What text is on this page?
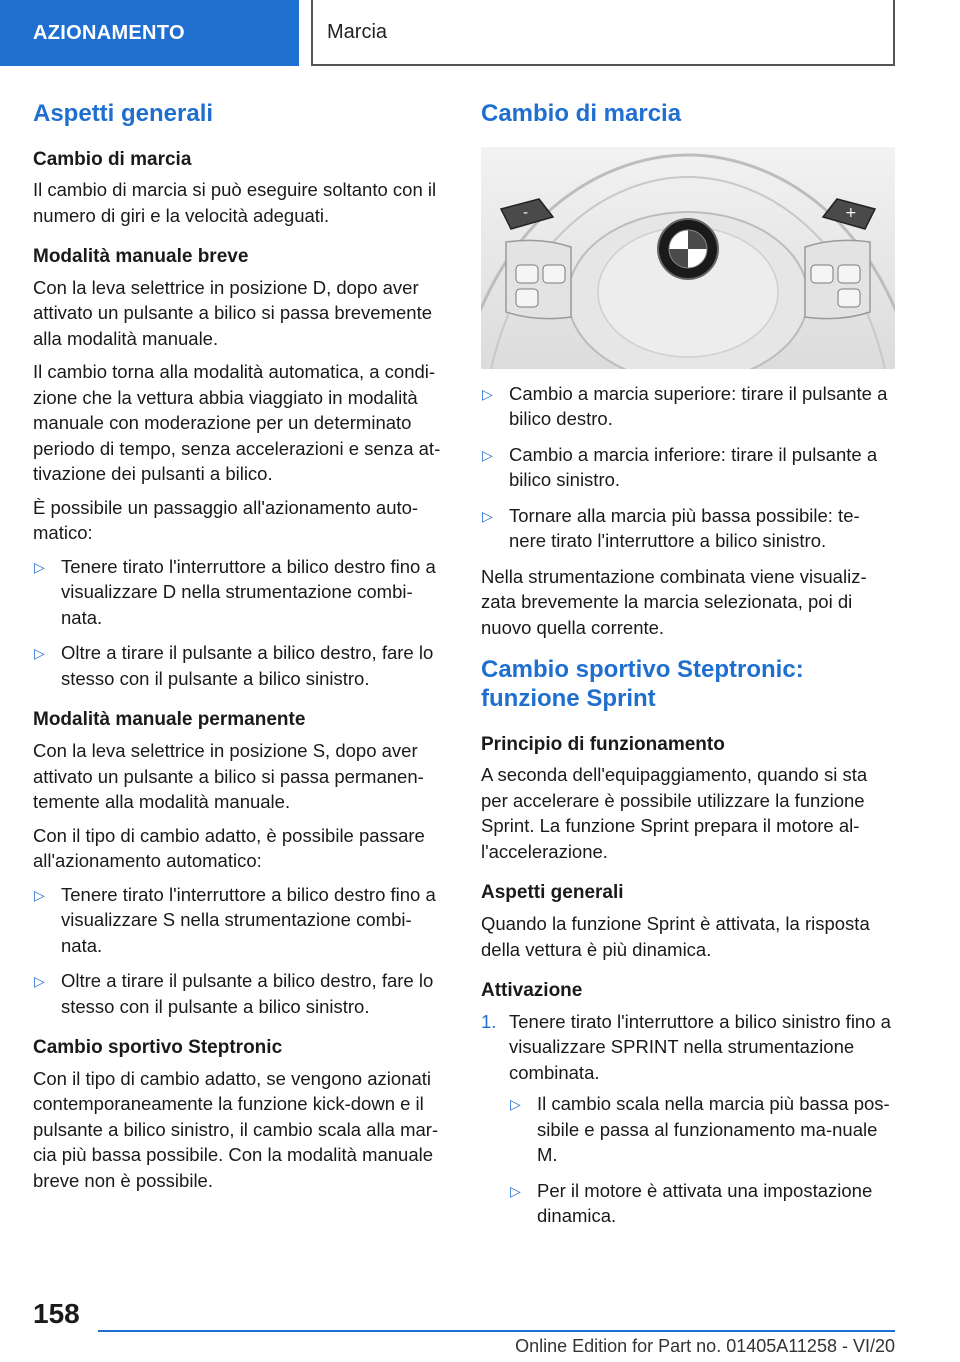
AZIONAMENTO	Marcia
Aspetti generali
Cambio di marcia

Il cambio di marcia si può eseguire soltanto con il numero di giri e la velocità adeguati.

Modalità manuale breve

Con la leva selettrice in posizione D, dopo aver attivato un pulsante a bilico si passa brevemente alla modalità manuale.

Il cambio torna alla modalità automatica, a condi-zione che la vettura abbia viaggiato in modalità manuale con moderazione per un determinato periodo di tempo, senza accelerazioni e senza at-tivazione dei pulsanti a bilico.

È possibile un passaggio all'azionamento auto-matico:

▷ Tenere tirato l'interruttore a bilico destro fino a visualizzare D nella strumentazione combi-nata.
▷ Oltre a tirare il pulsante a bilico destro, fare lo stesso con il pulsante a bilico sinistro.
Modalità manuale permanente

Con la leva selettrice in posizione S, dopo aver attivato un pulsante a bilico si passa permanen-temente alla modalità manuale.

Con il tipo di cambio adatto, è possibile passare all'azionamento automatico:

▷ Tenere tirato l'interruttore a bilico destro fino a visualizzare S nella strumentazione combi-nata.
▷ Oltre a tirare il pulsante a bilico destro, fare lo stesso con il pulsante a bilico sinistro.
Cambio sportivo Steptronic

Con il tipo di cambio adatto, se vengono azionati contemporaneamente la funzione kick-down e il pulsante a bilico sinistro, il cambio scala alla mar-cia più bassa possibile. Con la modalità manuale breve non è possibile.

Cambio di marcia
-	+
▷ Cambio a marcia superiore: tirare il pulsante a bilico destro.
▷ Cambio a marcia inferiore: tirare il pulsante a bilico sinistro.
▷ Tornare alla marcia più bassa possibile: te-nere tirato l'interruttore a bilico sinistro.

Nella strumentazione combinata viene visualiz-zata brevemente la marcia selezionata, poi di nuovo quella corrente.

Cambio sportivo Steptronic: funzione Sprint
Principio di funzionamento

A seconda dell'equipaggiamento, quando si sta per accelerare è possibile utilizzare la funzione Sprint. La funzione Sprint prepara il motore al-l'accelerazione.

Aspetti generali

Quando la funzione Sprint è attivata, la risposta della vettura è più dinamica.

Attivazione
1. Tenere tirato l'interruttore a bilico sinistro fino a visualizzare SPRINT nella strumentazione combinata.
▷ Il cambio scala nella marcia più bassa pos-sibile e passa al funzionamento ma-nuale M.
▷ Per il motore è attivata una impostazione dinamica.
158
Online Edition for Part no. 01405A11258 - VI/20
